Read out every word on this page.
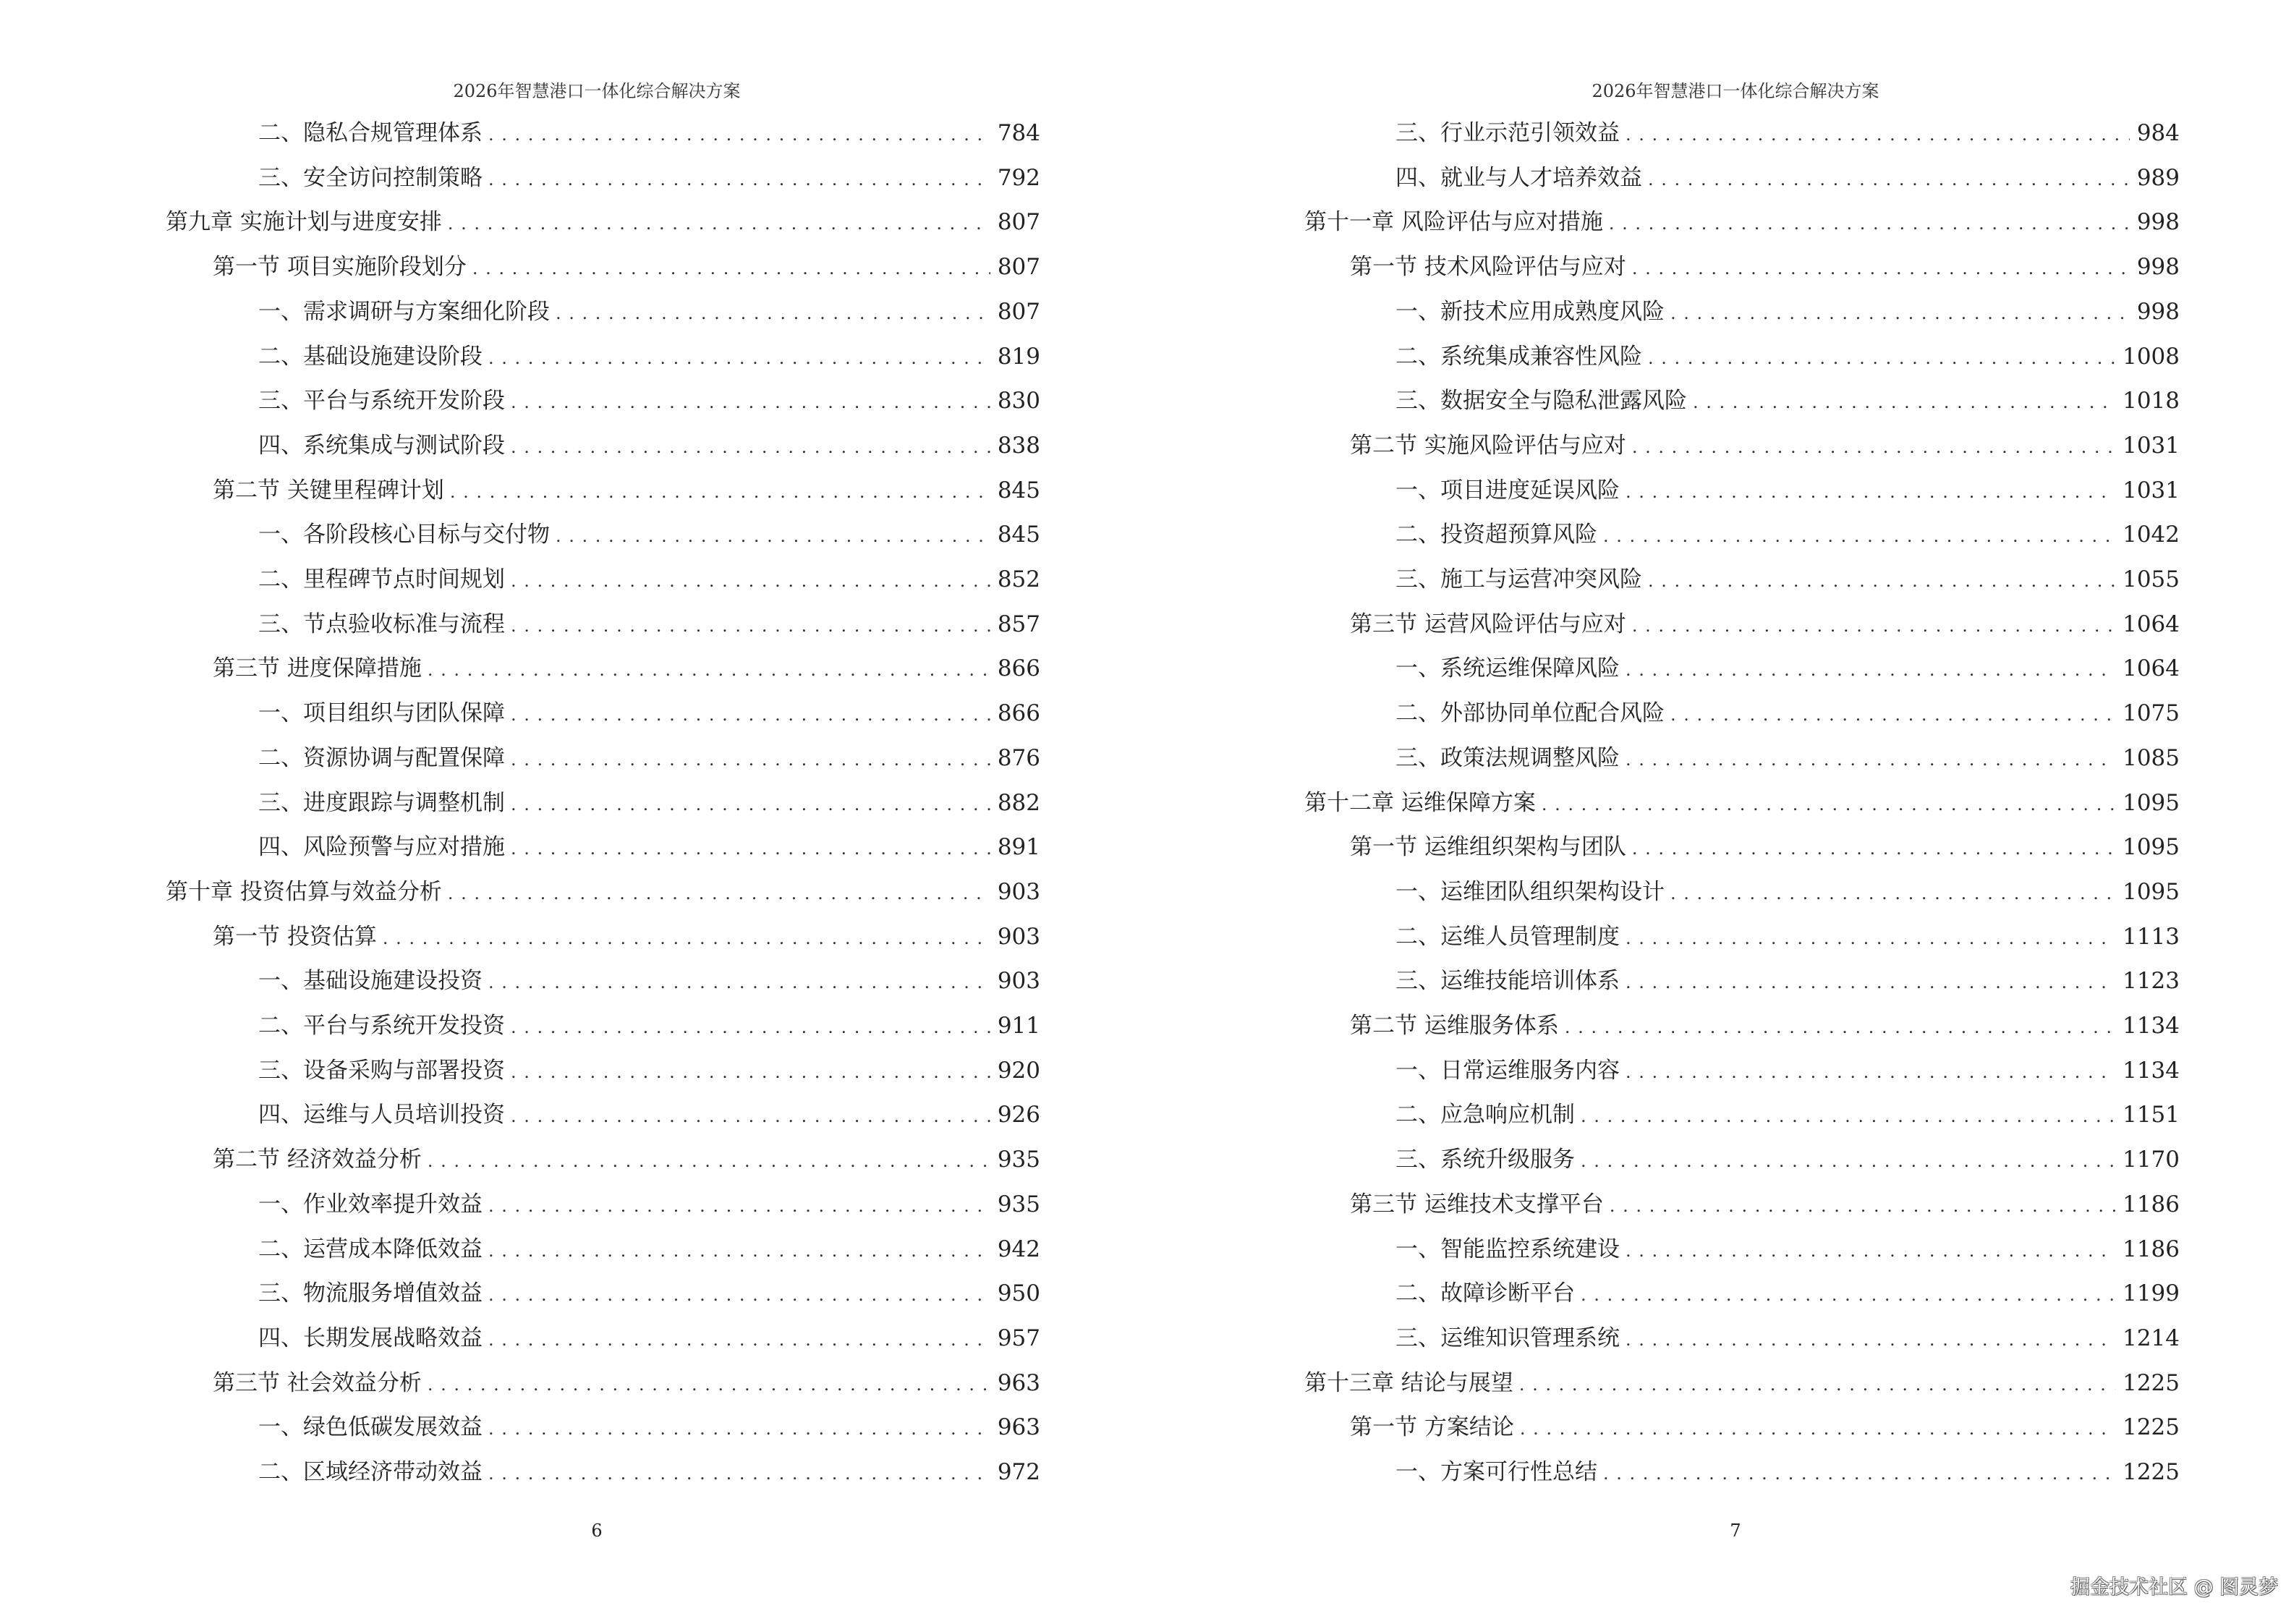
2026年智慧港口一体化综合解决方案
二、隐私合规管理体系 . . .	784
三、安全访问控制策略 . . .	792
第九章 实施计划与进度安排 . . .	807
第一节 项目实施阶段划分 . . .	807
一、需求调研与方案细化阶段 . . .	807
二、基础设施建设阶段 . . .	819
三、平台与系统开发阶段 . . .	830
四、系统集成与测试阶段 . . .	838
第二节 关键里程碑计划 . . .	845
一、各阶段核心目标与交付物 . . .	845
二、里程碑节点时间规划 . . .	852
三、节点验收标准与流程 . . .	857
第三节 进度保障措施 . . .	866
一、项目组织与团队保障 . . .	866
二、资源协调与配置保障 . . .	876
三、进度跟踪与调整机制 . . .	882
四、风险预警与应对措施 . . .	891
第十章 投资估算与效益分析 . . .	903
第一节 投资估算 . . .	903
一、基础设施建设投资 . . .	903
二、平台与系统开发投资 . . .	911
三、设备采购与部署投资 . . .	920
四、运维与人员培训投资 . . .	926
第二节 经济效益分析 . . .	935
一、作业效率提升效益 . . .	935
二、运营成本降低效益 . . .	942
三、物流服务增值效益 . . .	950
四、长期发展战略效益 . . .	957
第三节 社会效益分析 . . .	963
一、绿色低碳发展效益 . . .	963
二、区域经济带动效益 . . .	972
6
2026年智慧港口一体化综合解决方案
三、行业示范引领效益 . . .	984
四、就业与人才培养效益 . . .	989
第十一章 风险评估与应对措施 . . .	998
第一节 技术风险评估与应对 . . .	998
一、新技术应用成熟度风险 . . .	998
二、系统集成兼容性风险 . . .	1008
三、数据安全与隐私泄露风险 . . .	1018
第二节 实施风险评估与应对 . . .	1031
一、项目进度延误风险 . . .	1031
二、投资超预算风险 . . .	1042
三、施工与运营冲突风险 . . .	1055
第三节 运营风险评估与应对 . . .	1064
一、系统运维保障风险 . . .	1064
二、外部协同单位配合风险 . . .	1075
三、政策法规调整风险 . . .	1085
第十二章 运维保障方案 . . .	1095
第一节 运维组织架构与团队 . . .	1095
一、运维团队组织架构设计 . . .	1095
二、运维人员管理制度 . . .	1113
三、运维技能培训体系 . . .	1123
第二节 运维服务体系 . . .	1134
一、日常运维服务内容 . . .	1134
二、应急响应机制 . . .	1151
三、系统升级服务 . . .	1170
第三节 运维技术支撑平台 . . .	1186
一、智能监控系统建设 . . .	1186
二、故障诊断平台 . . .	1199
三、运维知识管理系统 . . .	1214
第十三章 结论与展望 . . .	1225
第一节 方案结论 . . .	1225
一、方案可行性总结 . . .	1225
7
掘金技术社区 @ 图灵梦
